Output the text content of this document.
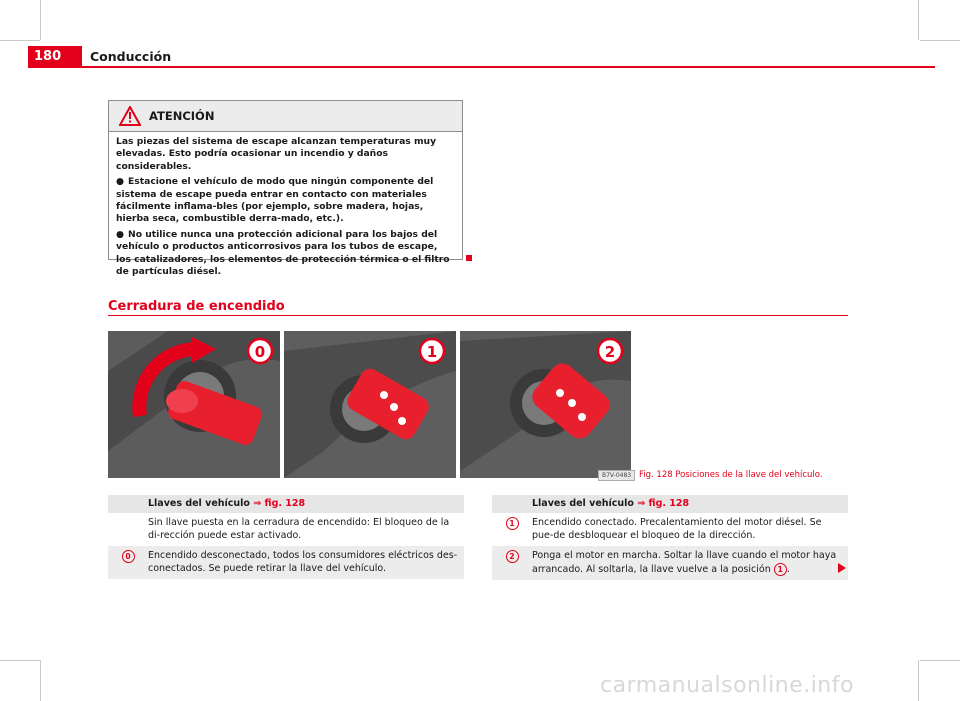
180	Conducción
ATENCIÓN

Las piezas del sistema de escape alcanzan temperaturas muy elevadas. Esto podría ocasionar un incendio y daños considerables.

● Estacione el vehículo de modo que ningún componente del sistema de escape pueda entrar en contacto con materiales fácilmente inflama-bles (por ejemplo, sobre madera, hojas, hierba seca, combustible derra-mado, etc.).

● No utilice nunca una protección adicional para los bajos del vehículo o productos anticorrosivos para los tubos de escape, los catalizadores, los elementos de protección térmica o el filtro de partículas diésel.

Cerradura de encendido
0	1	2
B7V-0483 Fig. 128 Posiciones de la llave del vehículo.
Llaves del vehículo ⇒ fig. 128
Sin llave puesta en la cerradura de encendido: El bloqueo de la di-rección puede estar activado.
0	Encendido desconectado, todos los consumidores eléctricos des-conectados. Se puede retirar la llave del vehículo.
Llaves del vehículo ⇒ fig. 128
1	Encendido conectado. Precalentamiento del motor diésel. Se pue-de desbloquear el bloqueo de la dirección.
2	Ponga el motor en marcha. Soltar la llave cuando el motor haya arrancado. Al soltarla, la llave vuelve a la posición 1 .
carmanualsonline.info
